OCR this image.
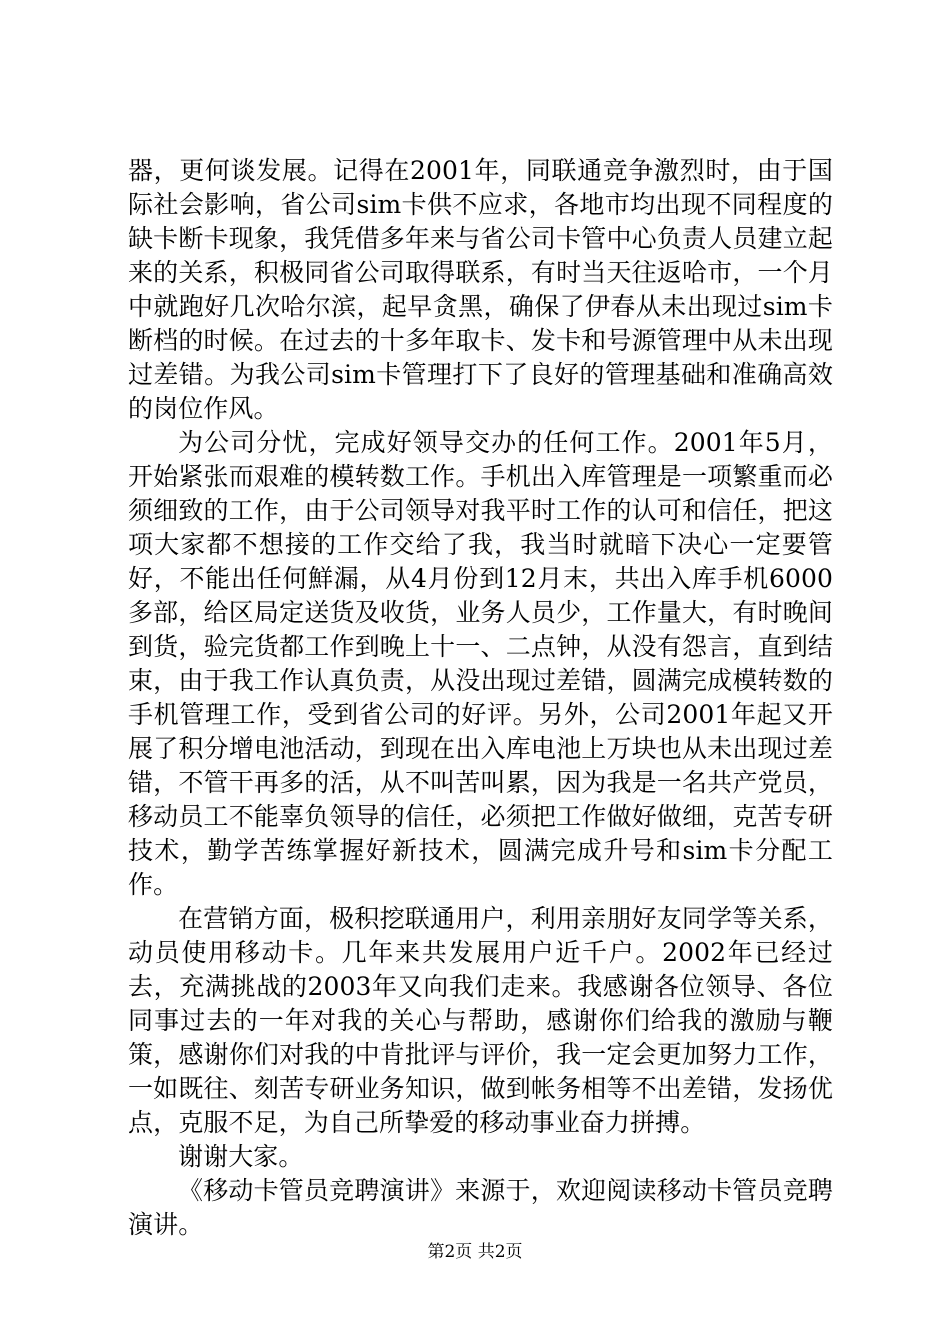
器，更何谈发展。记得在2001年，同联通竞争激烈时，由于国际社会影响，省公司sim卡供不应求，各地市均出现不同程度的缺卡断卡现象，我凭借多年来与省公司卡管中心负责人员建立起来的关系，积极同省公司取得联系，有时当天往返哈市，一个月中就跑好几次哈尔滨，起早贪黑，确保了伊春从未出现过sim卡断档的时候。在过去的十多年取卡、发卡和号源管理中从未出现过差错。为我公司sim卡管理打下了良好的管理基础和准确高效的岗位作风。

为公司分忧，完成好领导交办的任何工作。2001年5月，开始紧张而艰难的模转数工作。手机出入库管理是一项繁重而必须细致的工作，由于公司领导对我平时工作的认可和信任，把这项大家都不想接的工作交给了我，我当时就暗下决心一定要管好，不能出任何鮮漏，从4月份到12月末，共出入库手机6000多部，给区局定送货及收货，业务人员少，工作量大，有时晚间到货，验完货都工作到晚上十一、二点钟，从没有怨言，直到结束，由于我工作认真负责，从没出现过差错，圆满完成模转数的手机管理工作，受到省公司的好评。另外，公司2001年起又开展了积分增电池活动，到现在出入库电池上万块也从未出现过差错，不管干再多的活，从不叫苦叫累，因为我是一名共产党员，移动员工不能辜负领导的信任，必须把工作做好做细，克苦专研技术，勤学苦练掌握好新技术，圆满完成升号和sim卡分配工作。

在营销方面，极积挖联通用户，利用亲朋好友同学等关系，动员使用移动卡。几年来共发展用户近千户。2002年已经过去，充满挑战的2003年又向我们走来。我感谢各位领导、各位同事过去的一年对我的关心与帮助，感谢你们给我的激励与鞭策，感谢你们对我的中肯批评与评价，我一定会更加努力工作，一如既往、刻苦专研业务知识，做到帐务相等不出差错，发扬优点，克服不足，为自己所挚爱的移动事业奋力拼搏。

谢谢大家。

《移动卡管员竞聘演讲》来源于，欢迎阅读移动卡管员竞聘演讲。

第2页 共2页
